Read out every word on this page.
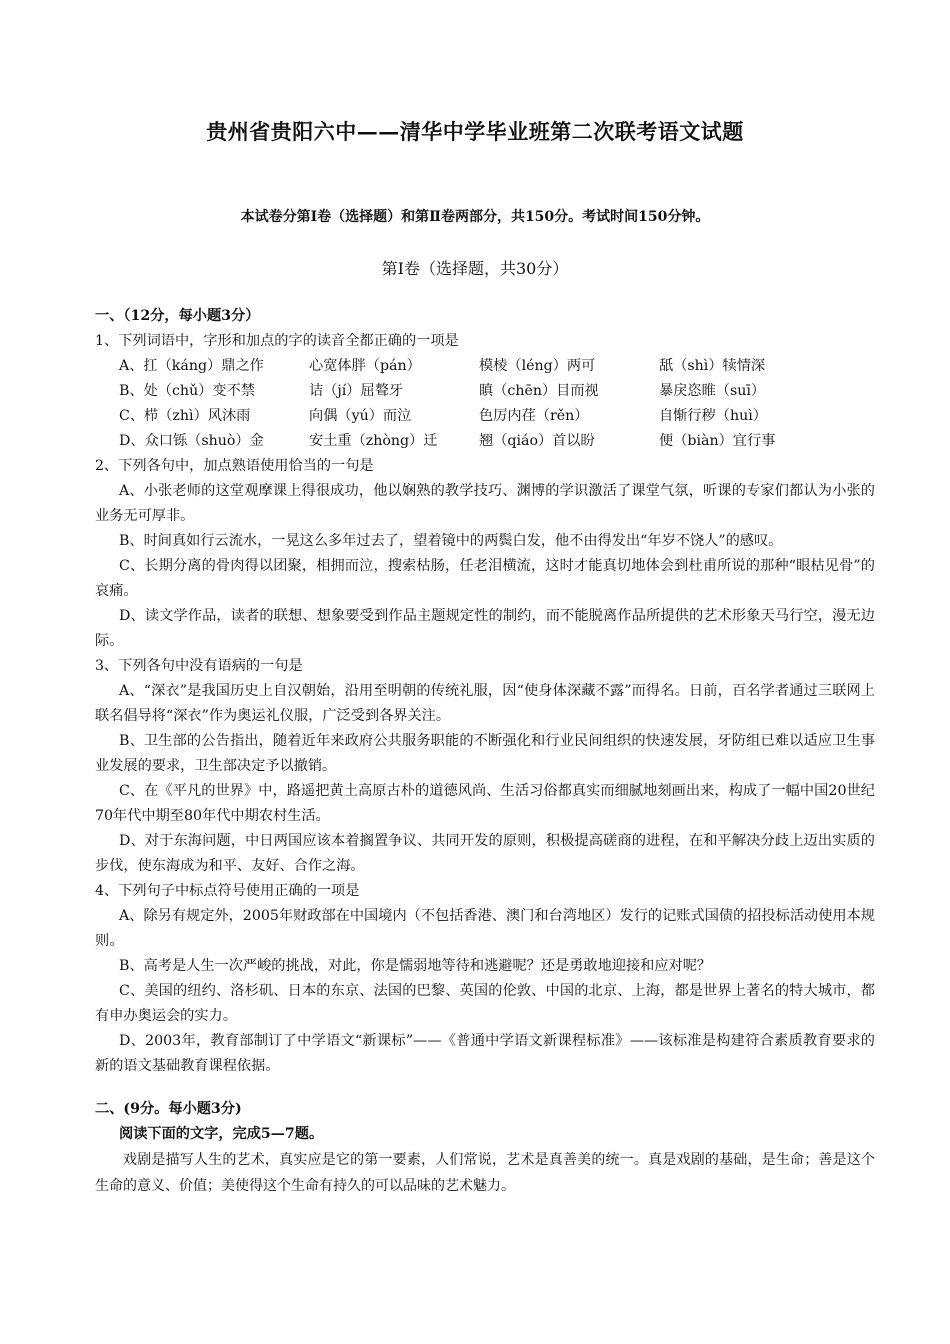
贵州省贵阳六中——清华中学毕业班第二次联考语文试题
本试卷分第Ⅰ卷（选择题）和第Ⅱ卷两部分，共150分。考试时间150分钟。
第Ⅰ卷（选择题，共30分）
一、（12分，每小题3分）
1、下列词语中，字形和加点的字的读音全都正确的一项是
A、扛（káng）鼎之作	心宽体胖（pán）	模棱（léng）两可	舐（shì）犊情深
B、处（chǔ）变不禁	诘（jí）屈聱牙	瞋（chēn）目而视	暴戾恣睢（suī）
C、栉（zhì）风沐雨	向偶（yú）而泣	色厉内荏（rěn）	自惭行秽（huì）
D、众口铄（shuò）金	安土重（zhòng）迁	翘（qiáo）首以盼	便（biàn）宜行事
2、下列各句中，加点熟语使用恰当的一句是

A、小张老师的这堂观摩课上得很成功，他以娴熟的教学技巧、渊博的学识激活了课堂气氛，听课的专家们都认为小张的业务无可厚非。

B、时间真如行云流水，一晃这么多年过去了，望着镜中的两鬓白发，他不由得发出“年岁不饶人”的感叹。

C、长期分离的骨肉得以团聚，相拥而泣，搜索枯肠，任老泪横流，这时才能真切地体会到杜甫所说的那种“眼枯见骨”的哀痛。

D、读文学作品，读者的联想、想象要受到作品主题规定性的制约，而不能脱离作品所提供的艺术形象天马行空，漫无边际。

3、下列各句中没有语病的一句是

A、“深衣”是我国历史上自汉朝始，沿用至明朝的传统礼服，因“使身体深藏不露”而得名。日前，百名学者通过三联网上联名倡导将“深衣”作为奥运礼仪服，广泛受到各界关注。

B、卫生部的公告指出，随着近年来政府公共服务职能的不断强化和行业民间组织的快速发展，牙防组已难以适应卫生事业发展的要求，卫生部决定予以撤销。

C、在《平凡的世界》中，路遥把黄土高原古朴的道德风尚、生活习俗都真实而细腻地刻画出来，构成了一幅中国20世纪70年代中期至80年代中期农村生活。

D、对于东海问题，中日两国应该本着搁置争议、共同开发的原则，积极提高磋商的进程，在和平解决分歧上迈出实质的步伐，使东海成为和平、友好、合作之海。

4、下列句子中标点符号使用正确的一项是

A、除另有规定外，2005年财政部在中国境内（不包括香港、澳门和台湾地区）发行的记账式国债的招投标活动使用本规则。

B、高考是人生一次严峻的挑战，对此，你是懦弱地等待和逃避呢？还是勇敢地迎接和应对呢？

C、美国的纽约、洛杉矶、日本的东京、法国的巴黎、英国的伦敦、中国的北京、上海，都是世界上著名的特大城市，都有申办奥运会的实力。

D、2003年，教育部制订了中学语文“新课标”——《普通中学语文新课程标准》——该标准是构建符合素质教育要求的新的语文基础教育课程依据。

二、(9分。每小题3分)
阅读下面的文字，完成5—7题。

戏剧是描写人生的艺术，真实应是它的第一要素，人们常说，艺术是真善美的统一。真是戏剧的基础，是生命；善是这个生命的意义、价值；美使得这个生命有持久的可以品味的艺术魅力。
